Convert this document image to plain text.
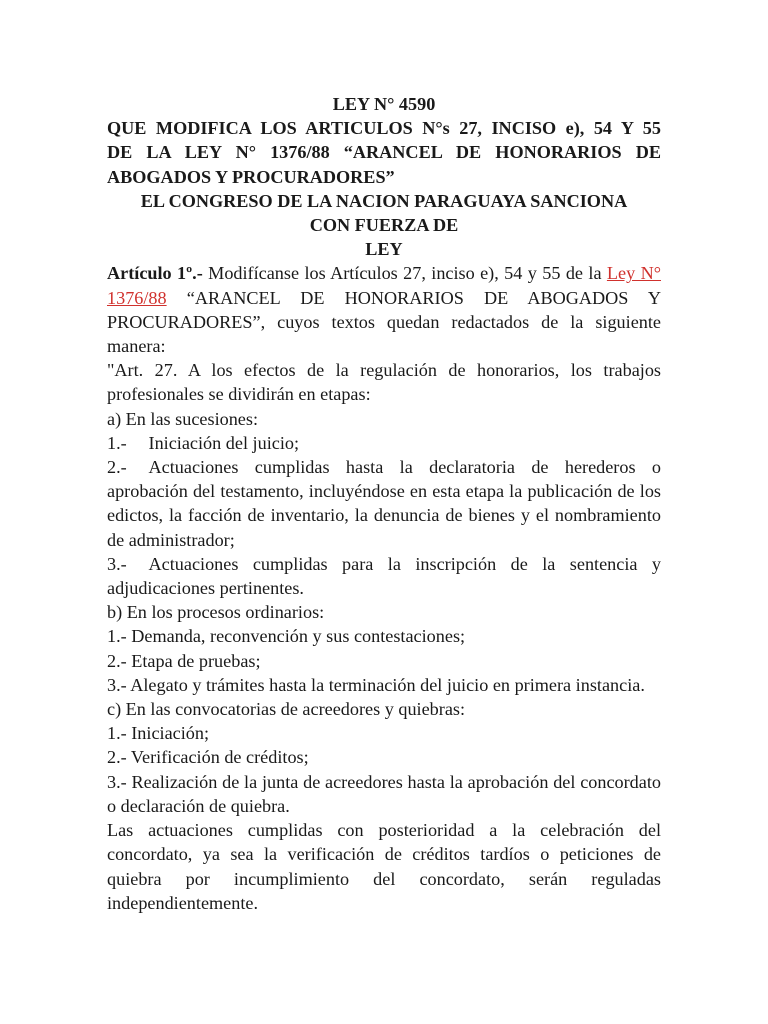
LEY N° 4590

QUE MODIFICA LOS ARTICULOS N°s 27, INCISO e), 54 Y 55

DE LA LEY N° 1376/88 “ARANCEL DE HONORARIOS DE

ABOGADOS Y PROCURADORES”

EL CONGRESO DE LA NACION PARAGUAYA SANCIONA

CON FUERZA DE

LEY

Artículo 1º.- Modifícanse los Artículos 27, inciso e), 54 y 55 de la Ley N° 1376/88 “ARANCEL DE HONORARIOS DE ABOGADOS Y PROCURADORES”, cuyos textos quedan redactados de la siguiente manera:

"Art. 27. A los efectos de la regulación de honorarios, los trabajos profesionales se dividirán en etapas:

a) En las sucesiones:

1.- Iniciación del juicio;

2.- Actuaciones cumplidas hasta la declaratoria de herederos o aprobación del testamento, incluyéndose en esta etapa la publicación de los edictos, la facción de inventario, la denuncia de bienes y el nombramiento de administrador;

3.- Actuaciones cumplidas para la inscripción de la sentencia y adjudicaciones pertinentes.

b) En los procesos ordinarios:

1.- Demanda, reconvención y sus contestaciones;

2.- Etapa de pruebas;

3.- Alegato y trámites hasta la terminación del juicio en primera instancia.

c) En las convocatorias de acreedores y quiebras:

1.- Iniciación;

2.- Verificación de créditos;

3.- Realización de la junta de acreedores hasta la aprobación del concordato o declaración de quiebra.

Las actuaciones cumplidas con posterioridad a la celebración del concordato, ya sea la verificación de créditos tardíos o peticiones de quiebra por incumplimiento del concordato, serán reguladas independientemente.
